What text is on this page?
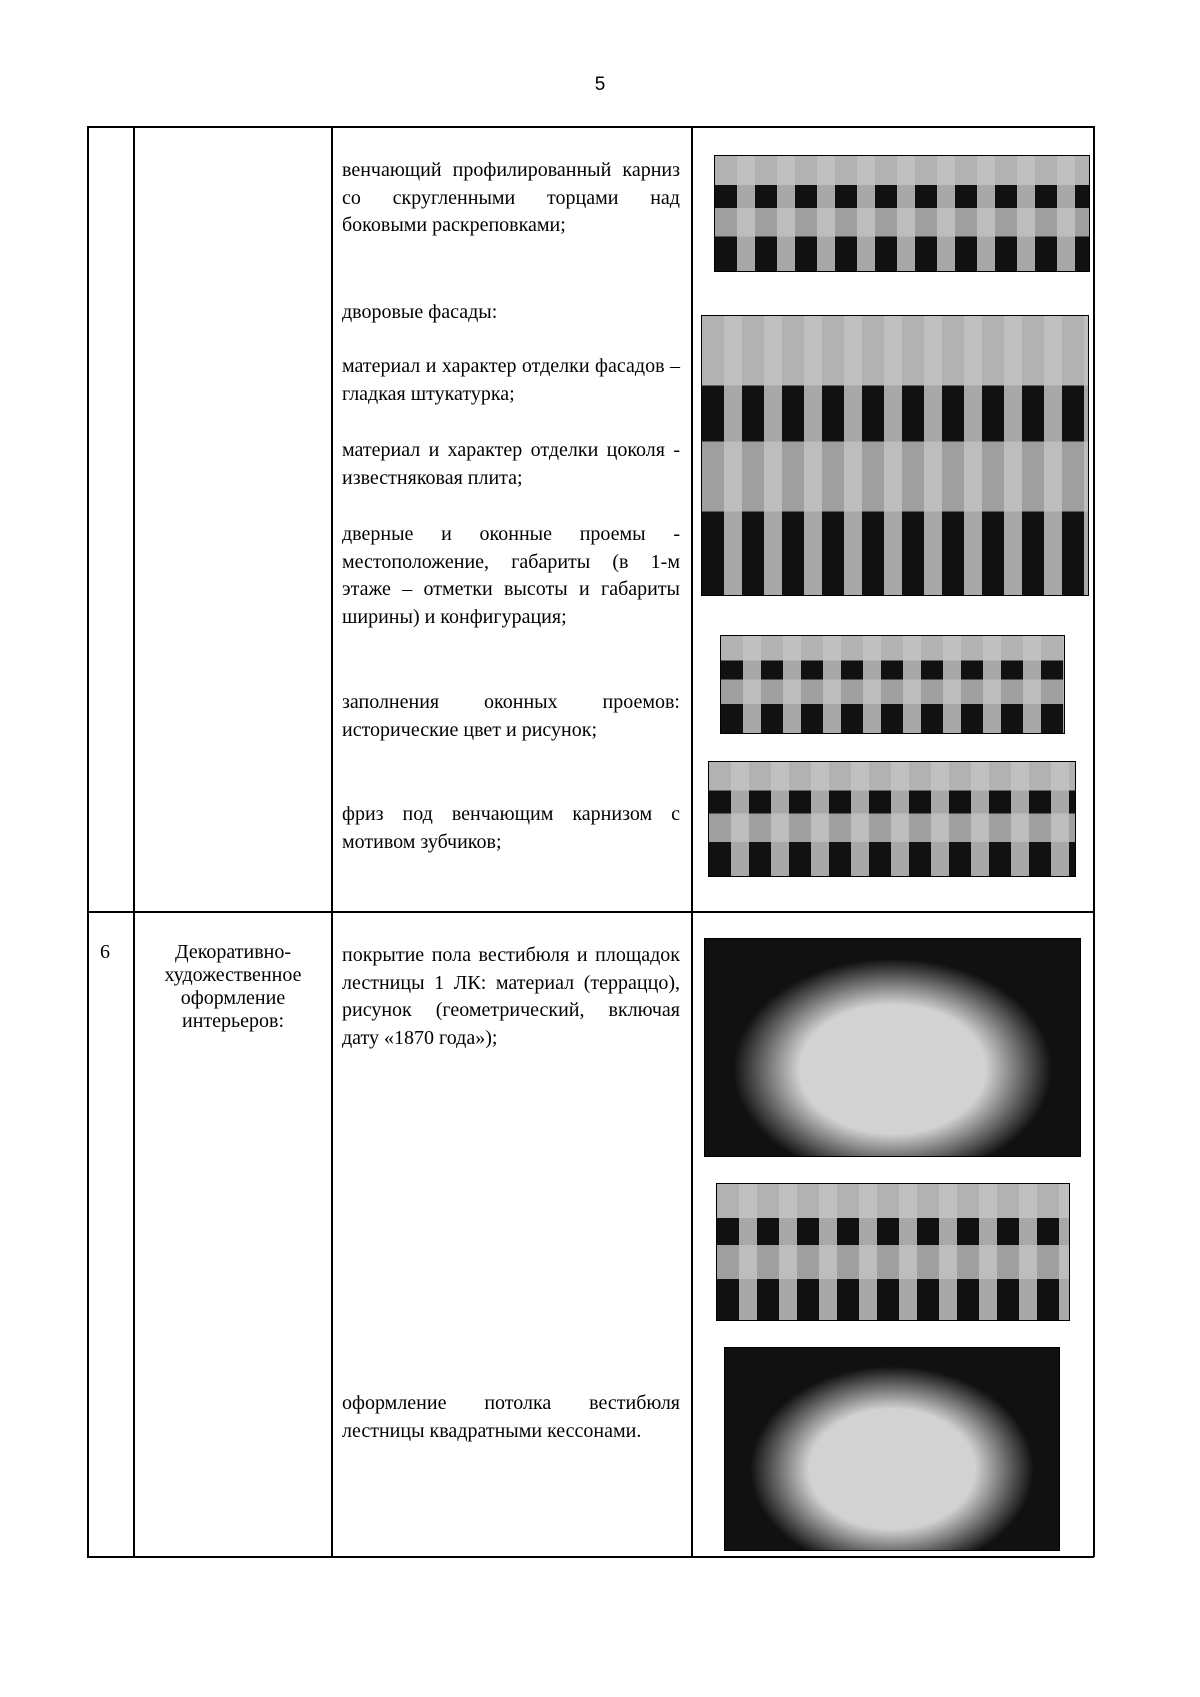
5
венчающий профилированный карниз со скругленными торцами над боковыми раскреповками;
дворовые фасады:
материал и характер отделки фасадов – гладкая штукатурка;
материал и характер отделки цоколя - известняковая плита;
дверные и оконные проемы - местоположение, габариты (в 1-м этаже – отметки высоты и габариты ширины) и конфигурация;
заполнения оконных проемов: исторические цвет и рисунок;
фриз под венчающим карнизом с мотивом зубчиков;
6	Декоративно-художественное оформление интерьеров:
покрытие пола вестибюля и площадок лестницы 1 ЛК: материал (терраццо), рисунок (геометрический, включая дату «1870 года»);
оформление потолка вестибюля лестницы квадратными кессонами.
